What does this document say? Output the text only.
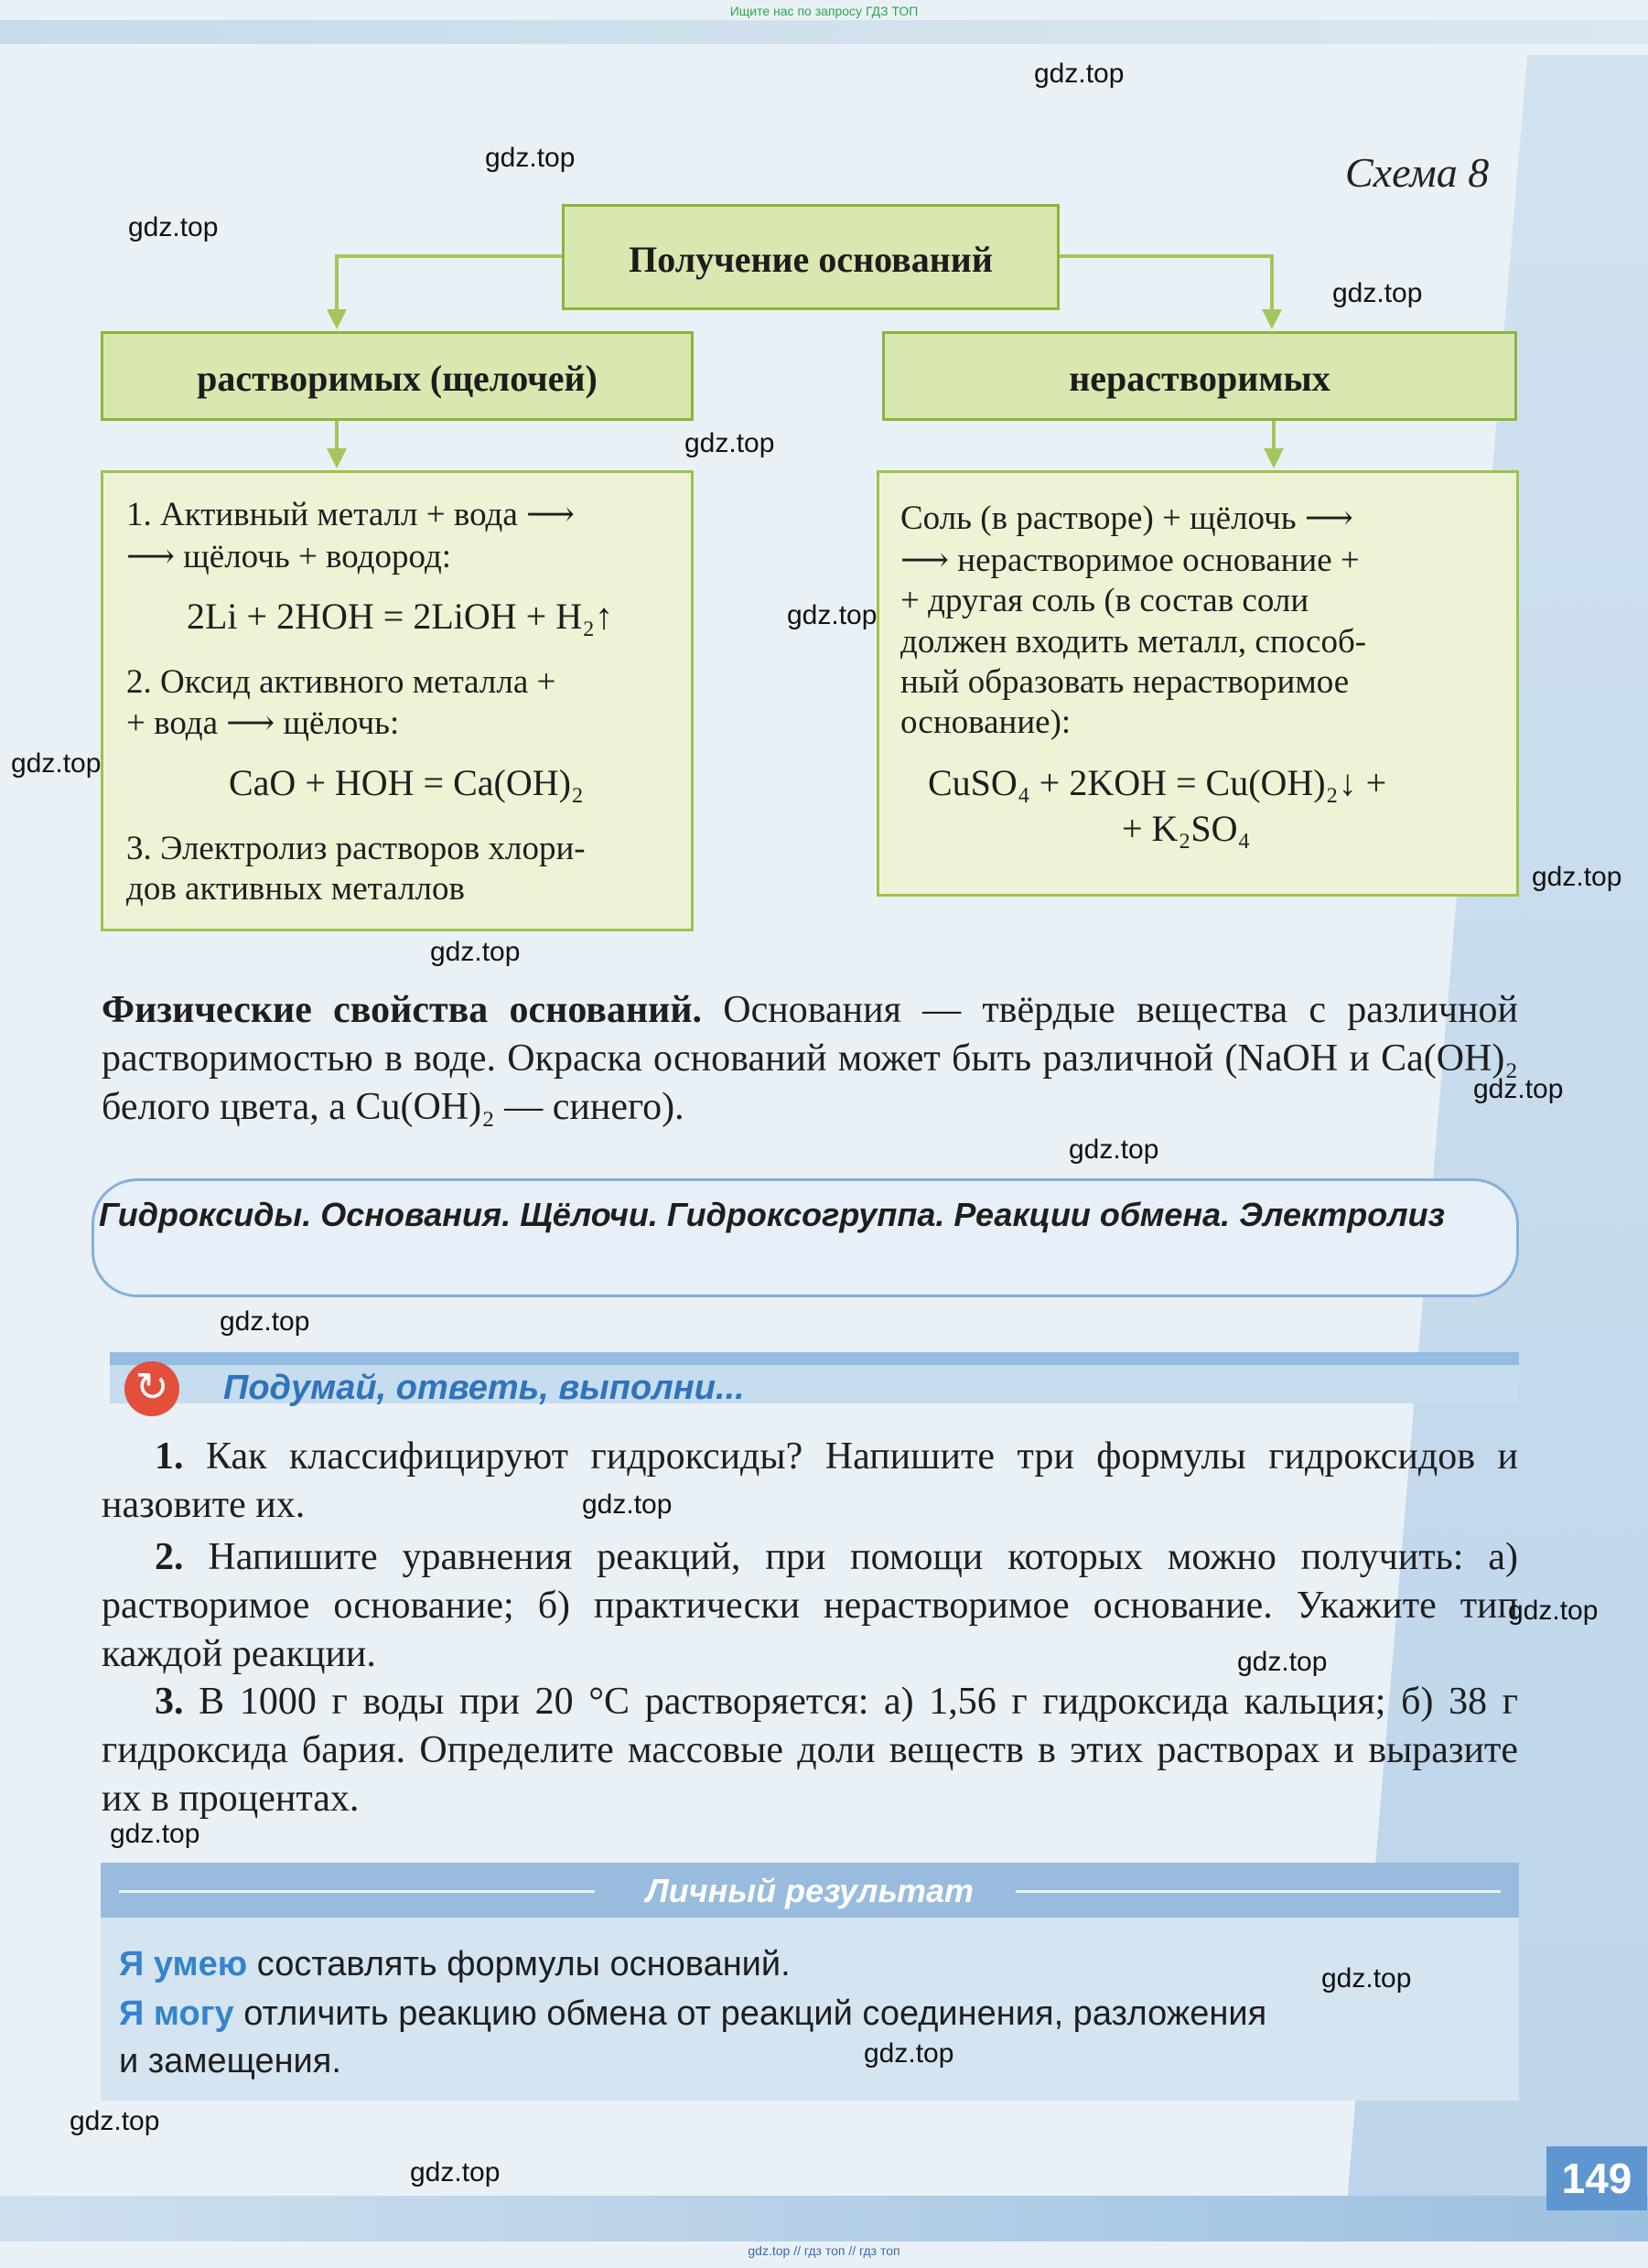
Ищите нас по запросу ГДЗ ТОП
Схема 8
Получение оснований
растворимых (щелочей)	нерастворимых
1. Активный металл + вода ⟶
⟶ щёлочь + водород:
2Li + 2HOH = 2LiOH + H₂↑
2. Оксид активного металла +
+ вода ⟶ щёлочь:
CaO + HOH = Ca(OH)₂
3. Электролиз растворов хлори-
дов активных металлов
Соль (в растворе) + щёлочь ⟶
⟶ нерастворимое основание +
+ другая соль (в состав соли
должен входить металл, способ-
ный образовать нерастворимое
основание):
CuSO₄ + 2KOH = Cu(OH)₂↓ +
+ K₂SO₄
Физические свойства оснований. Основания — твёрдые вещества с различной растворимостью в воде. Окраска оснований может быть различной (NaOH и Ca(OH)₂ белого цвета, а Cu(OH)₂ — синего).
Гидроксиды. Основания. Щёлочи. Гидроксогруппа. Реакции обмена. Электролиз
↻	Подумай, ответь, выполни...
1. Как классифицируют гидроксиды? Напишите три формулы гидроксидов и назовите их.
2. Напишите уравнения реакций, при помощи которых можно получить: а) растворимое основание; б) практически нерастворимое основание. Укажите тип каждой реакции.
3. В 1000 г воды при 20 °С растворяется: а) 1,56 г гидроксида кальция; б) 38 г гидроксида бария. Определите массовые доли веществ в этих растворах и выразите их в процентах.
Личный результат
Я умею составлять формулы оснований.
Я могу отличить реакцию обмена от реакций соединения, разложения
и замещения.
149
gdz.top // гдз топ // гдз топ
gdz.top
gdz.top
gdz.top
gdz.top
gdz.top
gdz.top
gdz.top
gdz.top
gdz.top
gdz.top
gdz.top
gdz.top
gdz.top
gdz.top
gdz.top
gdz.top
gdz.top
gdz.top
gdz.top
gdz.top
